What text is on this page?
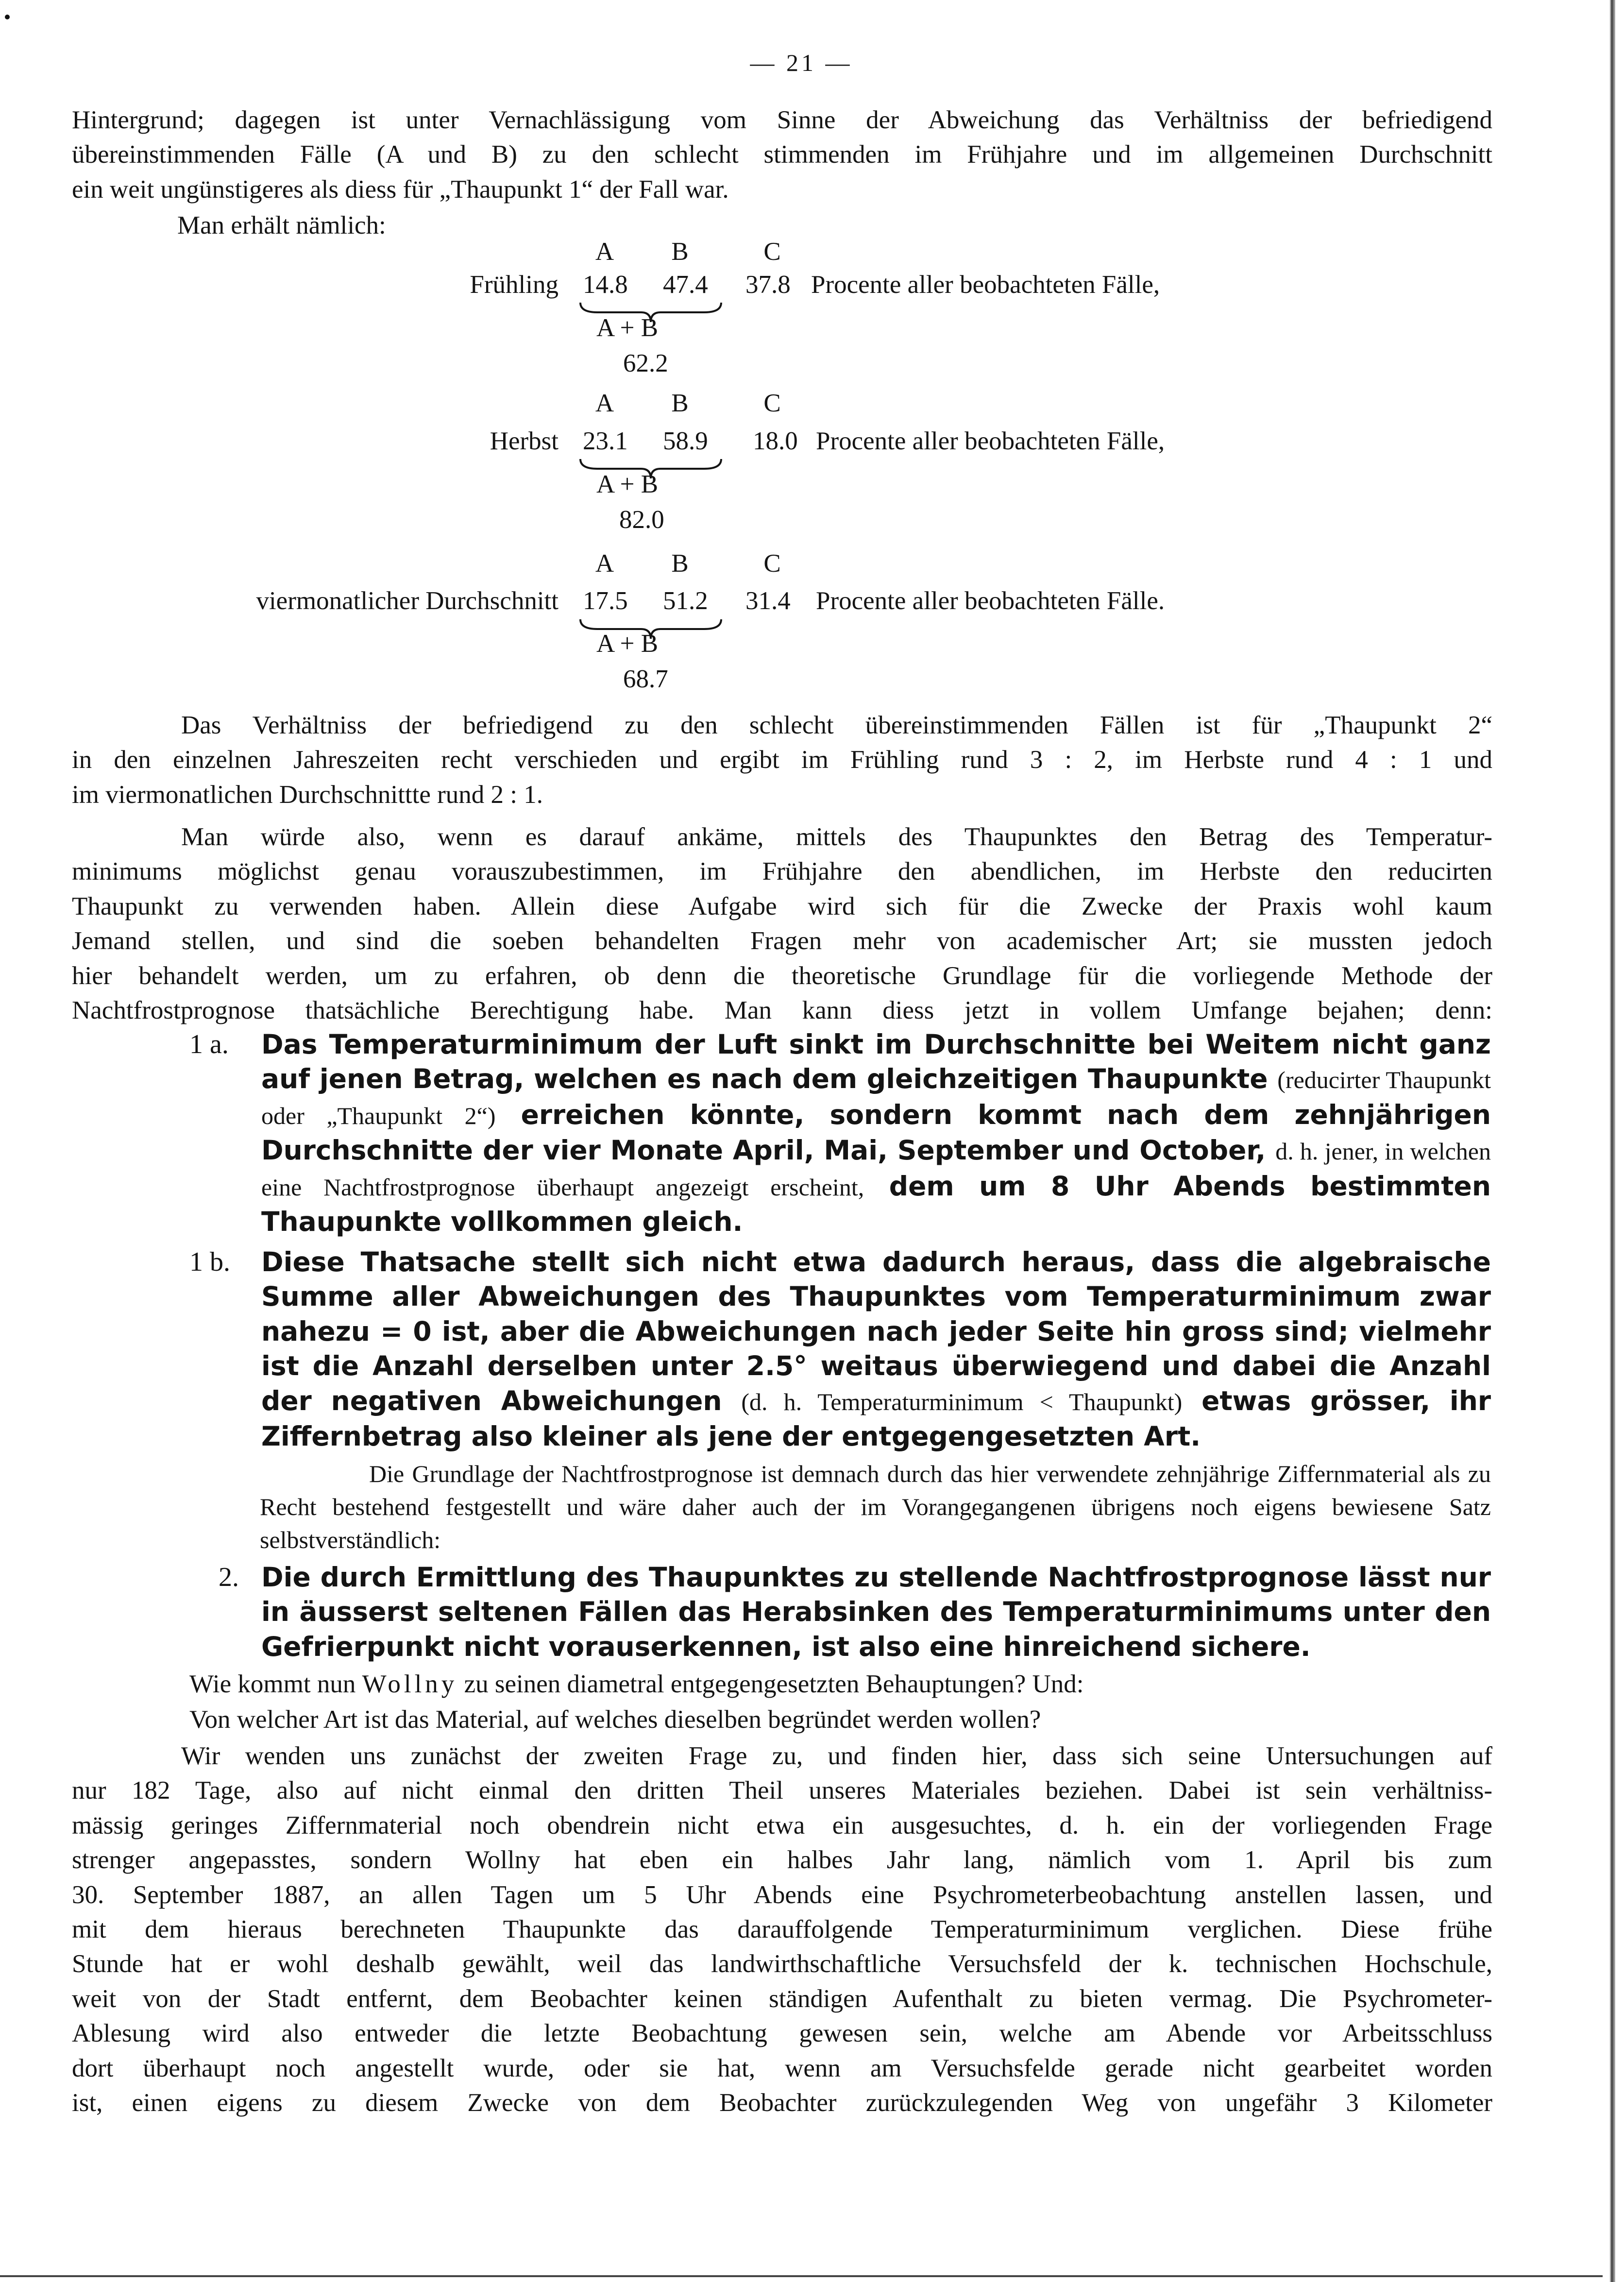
— 21 —

Hintergrund; dagegen ist unter Vernachlässigung vom Sinne der Abweichung das Verhältniss der befriedigend

übereinstimmenden Fälle (A und B) zu den schlecht stimmenden im Frühjahre und im allgemeinen Durchschnitt

ein weit ungünstigeres als diess für „Thaupunkt 1“ der Fall war.

Man erhält nämlich:
A	B	C
Frühling 14.8 47.4 37.8 Procente aller beobachteten Fälle,
A + B
62.2
A	B	C
Herbst 23.1 58.9 18.0 Procente aller beobachteten Fälle,
A + B
82.0
A	B	C
viermonatlicher Durchschnitt 17.5 51.2 31.4 Procente aller beobachteten Fälle.
A + B
68.7

Das Verhältniss der befriedigend zu den schlecht übereinstimmenden Fällen ist für „Thaupunkt 2“

in den einzelnen Jahreszeiten recht verschieden und ergibt im Frühling rund 3 : 2, im Herbste rund 4 : 1 und

im viermonatlichen Durchschnittte rund 2 : 1.

Man würde also, wenn es darauf ankäme, mittels des Thaupunktes den Betrag des Temperatur-

minimums möglichst genau vorauszubestimmen, im Frühjahre den abendlichen, im Herbste den reducirten

Thaupunkt zu verwenden haben. Allein diese Aufgabe wird sich für die Zwecke der Praxis wohl kaum

Jemand stellen, und sind die soeben behandelten Fragen mehr von academischer Art; sie mussten jedoch

hier behandelt werden, um zu erfahren, ob denn die theoretische Grundlage für die vorliegende Methode der

Nachtfrostprognose thatsächliche Berechtigung habe. Man kann diess jetzt in vollem Umfange bejahen; denn:

1 a.	Das Temperaturminimum der Luft sinkt im Durchschnitte bei Weitem nicht ganz auf jenen Betrag, welchen es nach dem gleichzeitigen Thaupunkte (reducirter Thaupunkt oder „Thaupunkt 2“) erreichen könnte, sondern kommt nach dem zehnjährigen Durchschnitte der vier Monate April, Mai, September und October, d. h. jener, in welchen eine Nachtfrostprognose überhaupt angezeigt erscheint, dem um 8 Uhr Abends bestimmten Thaupunkte vollkommen gleich.
1 b.	Diese Thatsache stellt sich nicht etwa dadurch heraus, dass die algebraische Summe aller Abweichungen des Thaupunktes vom Temperaturminimum zwar nahezu = 0 ist, aber die Abweichungen nach jeder Seite hin gross sind; vielmehr ist die Anzahl derselben unter 2.5° weitaus überwiegend und dabei die Anzahl der negativen Abweichungen (d. h. Temperaturminimum < Thaupunkt) etwas grösser, ihr Ziffernbetrag also kleiner als jene der entgegengesetzten Art.
Die Grundlage der Nachtfrostprognose ist demnach durch das hier verwendete zehnjährige Ziffernmaterial als zu Recht bestehend festgestellt und wäre daher auch der im Vorangegangenen übrigens noch eigens bewiesene Satz selbstverständlich:
2. Die durch Ermittlung des Thaupunktes zu stellende Nachtfrostprognose lässt nur in äusserst seltenen Fällen das Herabsinken des Temperaturminimums unter den Gefrierpunkt nicht vorauserkennen, ist also eine hinreichend sichere.
Wie kommt nun Wollny zu seinen diametral entgegengesetzten Behauptungen? Und:
Von welcher Art ist das Material, auf welches dieselben begründet werden wollen?

Wir wenden uns zunächst der zweiten Frage zu, und finden hier, dass sich seine Untersuchungen auf

nur 182 Tage, also auf nicht einmal den dritten Theil unseres Materiales beziehen. Dabei ist sein verhältniss-

mässig geringes Ziffernmaterial noch obendrein nicht etwa ein ausgesuchtes, d. h. ein der vorliegenden Frage

strenger angepasstes, sondern Wollny hat eben ein halbes Jahr lang, nämlich vom 1. April bis zum

30. September 1887, an allen Tagen um 5 Uhr Abends eine Psychrometerbeobachtung anstellen lassen, und

mit dem hieraus berechneten Thaupunkte das darauffolgende Temperaturminimum verglichen. Diese frühe

Stunde hat er wohl deshalb gewählt, weil das landwirthschaftliche Versuchsfeld der k. technischen Hochschule,

weit von der Stadt entfernt, dem Beobachter keinen ständigen Aufenthalt zu bieten vermag. Die Psychrometer-

Ablesung wird also entweder die letzte Beobachtung gewesen sein, welche am Abende vor Arbeitsschluss

dort überhaupt noch angestellt wurde, oder sie hat, wenn am Versuchsfelde gerade nicht gearbeitet worden

ist, einen eigens zu diesem Zwecke von dem Beobachter zurückzulegenden Weg von ungefähr 3 Kilometer
